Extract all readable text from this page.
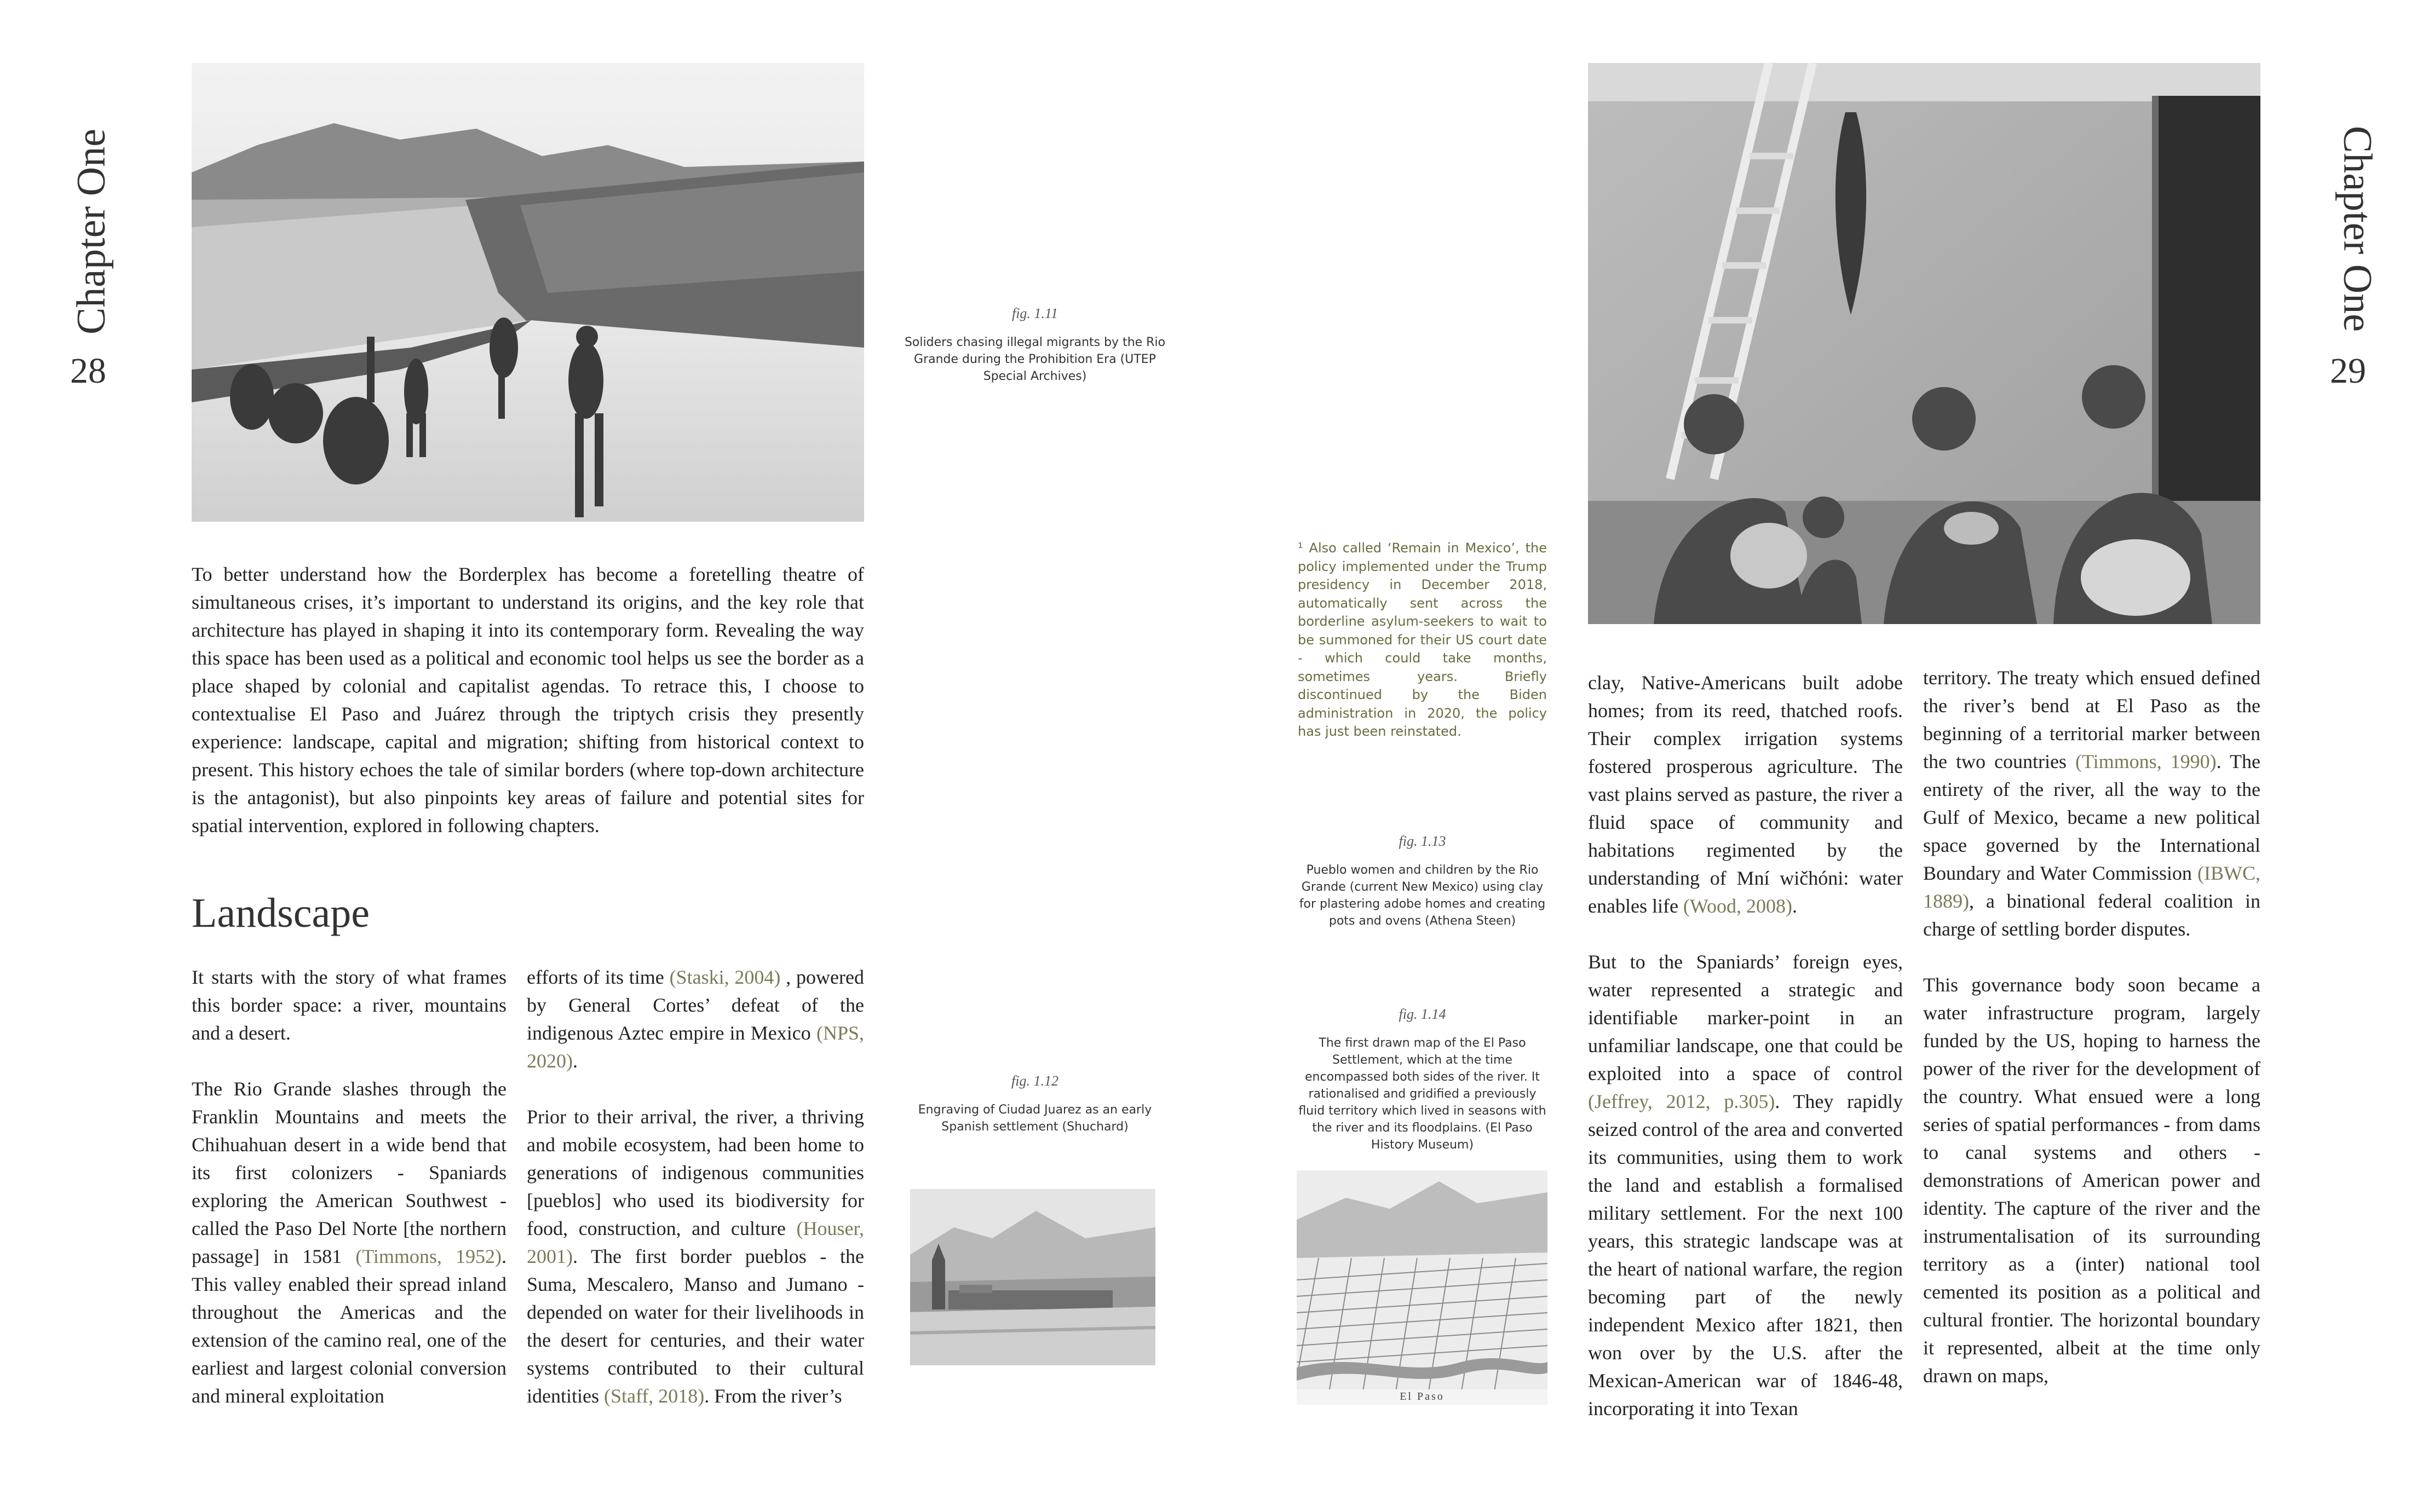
Chapter One
28
fig. 1.11
Soliders chasing illegal migrants by the Rio Grande during the Prohibition Era (UTEP Special Archives)
To better understand how the Borderplex has become a foretelling theatre of simultaneous crises, it’s important to understand its origins, and the key role that architecture has played in shaping it into its contemporary form. Revealing the way this space has been used as a political and economic tool helps us see the border as a place shaped by colonial and capitalist agendas. To retrace this, I choose to contextualise El Paso and Juárez through the triptych crisis they presently experience: landscape, capital and migration; shifting from historical context to present. This history echoes the tale of similar borders (where top-down architecture is the antagonist), but also pinpoints key areas of failure and potential sites for spatial intervention, explored in following chapters.
Landscape

It starts with the story of what frames this border space: a river, mountains and a desert.

The Rio Grande slashes through the Franklin Mountains and meets the Chihuahuan desert in a wide bend that its first colonizers - Spaniards exploring the American Southwest - called the Paso Del Norte [the northern passage] in 1581 (Timmons, 1952). This valley enabled their spread inland throughout the Americas and the extension of the camino real, one of the earliest and largest colonial conversion and mineral exploitation

efforts of its time (Staski, 2004) , powered by General Cortes’ defeat of the indigenous Aztec empire in Mexico (NPS, 2020).

Prior to their arrival, the river, a thriving and mobile ecosystem, had been home to generations of indigenous communities [pueblos] who used its biodiversity for food, construction, and culture (Houser, 2001). The first border pueblos - the Suma, Mescalero, Manso and Jumano - depended on water for their livelihoods in the desert for centuries, and their water systems contributed to their cultural identities (Staff, 2018). From the river’s

fig. 1.12
Engraving of Ciudad Juarez as an early Spanish settlement (Shuchard)
Chapter One
29
¹ Also called ‘Remain in Mexico’, the policy implemented under the Trump presidency in December 2018, automatically sent across the borderline asylum-seekers to wait to be summoned for their US court date - which could take months, sometimes years. Briefly discontinued by the Biden administration in 2020, the policy has just been reinstated.
fig. 1.13
Pueblo women and children by the Rio Grande (current New Mexico) using clay for plastering adobe homes and creating pots and ovens (Athena Steen)
fig. 1.14
The first drawn map of the El Paso Settlement, which at the time encompassed both sides of the river. It rationalised and gridified a previously fluid territory which lived in seasons with the river and its floodplains. (El Paso History Museum)
El Paso

clay, Native-Americans built adobe homes; from its reed, thatched roofs. Their complex irrigation systems fostered prosperous agriculture. The vast plains served as pasture, the river a fluid space of community and habitations regimented by the understanding of Mní wičhóni: water enables life (Wood, 2008).

But to the Spaniards’ foreign eyes, water represented a strategic and identifiable marker-point in an unfamiliar landscape, one that could be exploited into a space of control (Jeffrey, 2012, p.305). They rapidly seized control of the area and converted its communities, using them to work the land and establish a formalised military settlement. For the next 100 years, this strategic landscape was at the heart of national warfare, the region becoming part of the newly independent Mexico after 1821, then won over by the U.S. after the Mexican-American war of 1846-48, incorporating it into Texan

territory. The treaty which ensued defined the river’s bend at El Paso as the beginning of a territorial marker between the two countries (Timmons, 1990). The entirety of the river, all the way to the Gulf of Mexico, became a new political space governed by the International Boundary and Water Commission (IBWC, 1889), a binational federal coalition in charge of settling border disputes.

This governance body soon became a water infrastructure program, largely funded by the US, hoping to harness the power of the river for the development of the country. What ensued were a long series of spatial performances - from dams to canal systems and others - demonstrations of American power and identity. The capture of the river and the instrumentalisation of its surrounding territory as a (inter) national tool cemented its position as a political and cultural frontier. The horizontal boundary it represented, albeit at the time only drawn on maps,
